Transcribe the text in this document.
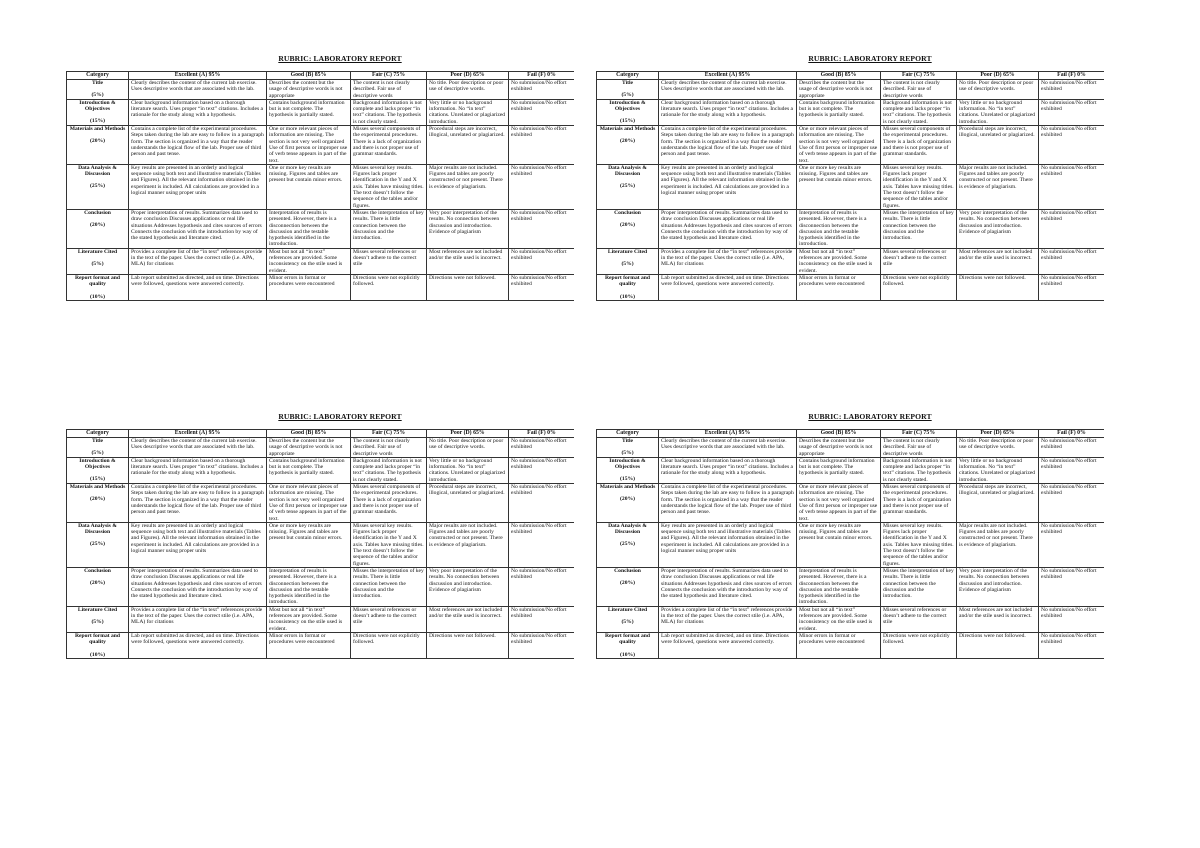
RUBRIC: LABORATORY REPORT
Category	Excellent (A) 95%	Good (B) 85%	Fair (C) 75%	Poor (D) 65%	Fail (F) 0%
Title
(5%)	Clearly describes the content of the current lab exercise. Uses descriptive words that are associated with the lab.	Describes the content but the usage of descriptive words is not appropriate	The content is not clearly described. Fair use of descriptive words	No title. Poor description or poor use of descriptive words.	No submission/No effort exhibited
Introduction & Objectives
(15%)	Clear background information based on a thorough literature search. Uses proper “in text” citations. Includes a rationale for the study along with a hypothesis.	Contains background information but is not complete. The hypothesis is partially stated.	Background information is not complete and lacks proper “in text” citations. The hypothesis is not clearly stated.	Very little or no background information. No “in text” citations. Unrelated or plagiarized introduction.	No submission/No effort exhibited
Materials and Methods
(20%)	Contains a complete list of the experimental procedures. Steps taken during the lab are easy to follow in a paragraph form. The section is organized in a way that the reader understands the logical flow of the lab. Proper use of third person and past tense.	One or more relevant pieces of information are missing. The section is not very well organized Use of first person or improper use of verb tense appears in part of the text.	Misses several components of the experimental procedures. There is a lack of organization and there is not proper use of grammar standards.	Procedural steps are incorrect, illogical, unrelated or plagiarized.	No submission/No effort exhibited
Data Analysis & Discussion
(25%)	Key results are presented in an orderly and logical sequence using both text and illustrative materials (Tables and Figures). All the relevant information obtained in the experiment is included. All calculations are provided in a logical manner using proper units	One or more key results are missing. Figures and tables are present but contain minor errors.	Misses several key results. Figures lack proper identification in the Y and X axis. Tables have missing titles. The text doesn’t follow the sequence of the tables and/or figures.	Major results are not included. Figures and tables are poorly constructed or not present. There is evidence of plagiarism.	No submission/No effort exhibited
Conclusion
(20%)	Proper interpretation of results. Summarizes data used to draw conclusion Discusses applications or real life situations Addresses hypothesis and cites sources of errors Connects the conclusion with the introduction by way of the stated hypothesis and literature cited.	Interpretation of results is presented. However, there is a disconnection between the discussion and the testable hypothesis identified in the introduction.	Misses the interpretation of key results. There is little connection between the discussion and the introduction.	Very poor interpretation of the results. No connection between discussion and introduction. Evidence of plagiarism	No submission/No effort exhibited
Literature Cited
(5%)	Provides a complete list of the “in text” references provide in the text of the paper. Uses the correct stile (i.e. APA, MLA) for citations	Most but not all “in text” references are provided. Some inconsistency on the stile used is evident.	Misses several references or doesn’t adhere to the correct stile	Most references are not included and/or the stile used is incorrect.	No submission/No effort exhibited
Report format and quality
(10%)	Lab report submitted as directed, and on time. Directions were followed, questions were answered correctly.	Minor errors in format or procedures were encountered	Directions were not explicitly followed.	Directions were not followed.	No submission/No effort exhibited
RUBRIC: LABORATORY REPORT
Category	Excellent (A) 95%	Good (B) 85%	Fair (C) 75%	Poor (D) 65%	Fail (F) 0%
Title
(5%)	Clearly describes the content of the current lab exercise. Uses descriptive words that are associated with the lab.	Describes the content but the usage of descriptive words is not appropriate	The content is not clearly described. Fair use of descriptive words	No title. Poor description or poor use of descriptive words.	No submission/No effort exhibited
Introduction & Objectives
(15%)	Clear background information based on a thorough literature search. Uses proper “in text” citations. Includes a rationale for the study along with a hypothesis.	Contains background information but is not complete. The hypothesis is partially stated.	Background information is not complete and lacks proper “in text” citations. The hypothesis is not clearly stated.	Very little or no background information. No “in text” citations. Unrelated or plagiarized introduction.	No submission/No effort exhibited
Materials and Methods
(20%)	Contains a complete list of the experimental procedures. Steps taken during the lab are easy to follow in a paragraph form. The section is organized in a way that the reader understands the logical flow of the lab. Proper use of third person and past tense.	One or more relevant pieces of information are missing. The section is not very well organized Use of first person or improper use of verb tense appears in part of the text.	Misses several components of the experimental procedures. There is a lack of organization and there is not proper use of grammar standards.	Procedural steps are incorrect, illogical, unrelated or plagiarized.	No submission/No effort exhibited
Data Analysis & Discussion
(25%)	Key results are presented in an orderly and logical sequence using both text and illustrative materials (Tables and Figures). All the relevant information obtained in the experiment is included. All calculations are provided in a logical manner using proper units	One or more key results are missing. Figures and tables are present but contain minor errors.	Misses several key results. Figures lack proper identification in the Y and X axis. Tables have missing titles. The text doesn’t follow the sequence of the tables and/or figures.	Major results are not included. Figures and tables are poorly constructed or not present. There is evidence of plagiarism.	No submission/No effort exhibited
Conclusion
(20%)	Proper interpretation of results. Summarizes data used to draw conclusion Discusses applications or real life situations Addresses hypothesis and cites sources of errors Connects the conclusion with the introduction by way of the stated hypothesis and literature cited.	Interpretation of results is presented. However, there is a disconnection between the discussion and the testable hypothesis identified in the introduction.	Misses the interpretation of key results. There is little connection between the discussion and the introduction.	Very poor interpretation of the results. No connection between discussion and introduction. Evidence of plagiarism	No submission/No effort exhibited
Literature Cited
(5%)	Provides a complete list of the “in text” references provide in the text of the paper. Uses the correct stile (i.e. APA, MLA) for citations	Most but not all “in text” references are provided. Some inconsistency on the stile used is evident.	Misses several references or doesn’t adhere to the correct stile	Most references are not included and/or the stile used is incorrect.	No submission/No effort exhibited
Report format and quality
(10%)	Lab report submitted as directed, and on time. Directions were followed, questions were answered correctly.	Minor errors in format or procedures were encountered	Directions were not explicitly followed.	Directions were not followed.	No submission/No effort exhibited
RUBRIC: LABORATORY REPORT
Category	Excellent (A) 95%	Good (B) 85%	Fair (C) 75%	Poor (D) 65%	Fail (F) 0%
Title
(5%)	Clearly describes the content of the current lab exercise. Uses descriptive words that are associated with the lab.	Describes the content but the usage of descriptive words is not appropriate	The content is not clearly described. Fair use of descriptive words	No title. Poor description or poor use of descriptive words.	No submission/No effort exhibited
Introduction & Objectives
(15%)	Clear background information based on a thorough literature search. Uses proper “in text” citations. Includes a rationale for the study along with a hypothesis.	Contains background information but is not complete. The hypothesis is partially stated.	Background information is not complete and lacks proper “in text” citations. The hypothesis is not clearly stated.	Very little or no background information. No “in text” citations. Unrelated or plagiarized introduction.	No submission/No effort exhibited
Materials and Methods
(20%)	Contains a complete list of the experimental procedures. Steps taken during the lab are easy to follow in a paragraph form. The section is organized in a way that the reader understands the logical flow of the lab. Proper use of third person and past tense.	One or more relevant pieces of information are missing. The section is not very well organized Use of first person or improper use of verb tense appears in part of the text.	Misses several components of the experimental procedures. There is a lack of organization and there is not proper use of grammar standards.	Procedural steps are incorrect, illogical, unrelated or plagiarized.	No submission/No effort exhibited
Data Analysis & Discussion
(25%)	Key results are presented in an orderly and logical sequence using both text and illustrative materials (Tables and Figures). All the relevant information obtained in the experiment is included. All calculations are provided in a logical manner using proper units	One or more key results are missing. Figures and tables are present but contain minor errors.	Misses several key results. Figures lack proper identification in the Y and X axis. Tables have missing titles. The text doesn’t follow the sequence of the tables and/or figures.	Major results are not included. Figures and tables are poorly constructed or not present. There is evidence of plagiarism.	No submission/No effort exhibited
Conclusion
(20%)	Proper interpretation of results. Summarizes data used to draw conclusion Discusses applications or real life situations Addresses hypothesis and cites sources of errors Connects the conclusion with the introduction by way of the stated hypothesis and literature cited.	Interpretation of results is presented. However, there is a disconnection between the discussion and the testable hypothesis identified in the introduction.	Misses the interpretation of key results. There is little connection between the discussion and the introduction.	Very poor interpretation of the results. No connection between discussion and introduction. Evidence of plagiarism	No submission/No effort exhibited
Literature Cited
(5%)	Provides a complete list of the “in text” references provide in the text of the paper. Uses the correct stile (i.e. APA, MLA) for citations	Most but not all “in text” references are provided. Some inconsistency on the stile used is evident.	Misses several references or doesn’t adhere to the correct stile	Most references are not included and/or the stile used is incorrect.	No submission/No effort exhibited
Report format and quality
(10%)	Lab report submitted as directed, and on time. Directions were followed, questions were answered correctly.	Minor errors in format or procedures were encountered	Directions were not explicitly followed.	Directions were not followed.	No submission/No effort exhibited
RUBRIC: LABORATORY REPORT
Category	Excellent (A) 95%	Good (B) 85%	Fair (C) 75%	Poor (D) 65%	Fail (F) 0%
Title
(5%)	Clearly describes the content of the current lab exercise. Uses descriptive words that are associated with the lab.	Describes the content but the usage of descriptive words is not appropriate	The content is not clearly described. Fair use of descriptive words	No title. Poor description or poor use of descriptive words.	No submission/No effort exhibited
Introduction & Objectives
(15%)	Clear background information based on a thorough literature search. Uses proper “in text” citations. Includes a rationale for the study along with a hypothesis.	Contains background information but is not complete. The hypothesis is partially stated.	Background information is not complete and lacks proper “in text” citations. The hypothesis is not clearly stated.	Very little or no background information. No “in text” citations. Unrelated or plagiarized introduction.	No submission/No effort exhibited
Materials and Methods
(20%)	Contains a complete list of the experimental procedures. Steps taken during the lab are easy to follow in a paragraph form. The section is organized in a way that the reader understands the logical flow of the lab. Proper use of third person and past tense.	One or more relevant pieces of information are missing. The section is not very well organized Use of first person or improper use of verb tense appears in part of the text.	Misses several components of the experimental procedures. There is a lack of organization and there is not proper use of grammar standards.	Procedural steps are incorrect, illogical, unrelated or plagiarized.	No submission/No effort exhibited
Data Analysis & Discussion
(25%)	Key results are presented in an orderly and logical sequence using both text and illustrative materials (Tables and Figures). All the relevant information obtained in the experiment is included. All calculations are provided in a logical manner using proper units	One or more key results are missing. Figures and tables are present but contain minor errors.	Misses several key results. Figures lack proper identification in the Y and X axis. Tables have missing titles. The text doesn’t follow the sequence of the tables and/or figures.	Major results are not included. Figures and tables are poorly constructed or not present. There is evidence of plagiarism.	No submission/No effort exhibited
Conclusion
(20%)	Proper interpretation of results. Summarizes data used to draw conclusion Discusses applications or real life situations Addresses hypothesis and cites sources of errors Connects the conclusion with the introduction by way of the stated hypothesis and literature cited.	Interpretation of results is presented. However, there is a disconnection between the discussion and the testable hypothesis identified in the introduction.	Misses the interpretation of key results. There is little connection between the discussion and the introduction.	Very poor interpretation of the results. No connection between discussion and introduction. Evidence of plagiarism	No submission/No effort exhibited
Literature Cited
(5%)	Provides a complete list of the “in text” references provide in the text of the paper. Uses the correct stile (i.e. APA, MLA) for citations	Most but not all “in text” references are provided. Some inconsistency on the stile used is evident.	Misses several references or doesn’t adhere to the correct stile	Most references are not included and/or the stile used is incorrect.	No submission/No effort exhibited
Report format and quality
(10%)	Lab report submitted as directed, and on time. Directions were followed, questions were answered correctly.	Minor errors in format or procedures were encountered	Directions were not explicitly followed.	Directions were not followed.	No submission/No effort exhibited
